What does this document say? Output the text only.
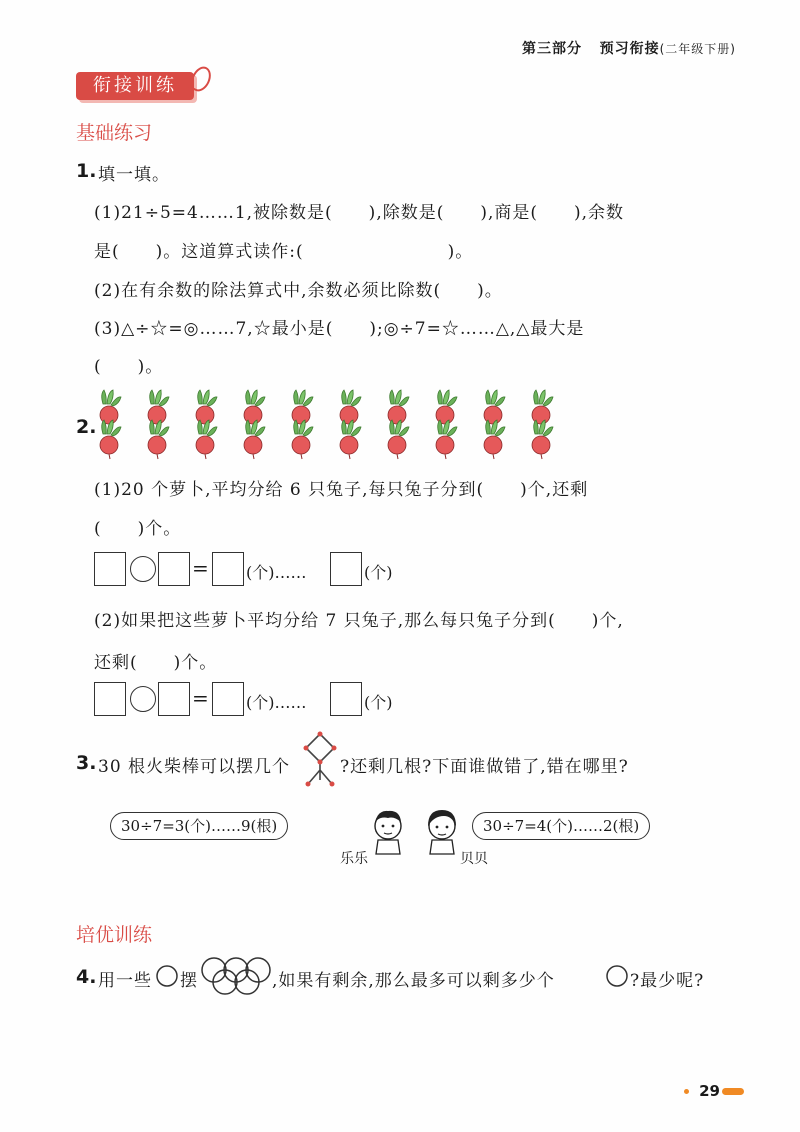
第三部分 预习衔接(二年级下册)
衔接训练
基础练习
1. 填一填。
(1)21÷5=4……1,被除数是(　　),除数是(　　),商是(　　),余数
是(　　)。这道算式读作:(　　　　　　　　)。
(2)在有余数的除法算式中,余数必须比除数(　　)。
(3)△÷☆=◎……7,☆最小是(　　);◎÷7=☆……△,△最大是
(　　)。
2.
(1)20 个萝卜,平均分给 6 只兔子,每只兔子分到(　　)个,还剩
(　　)个。
= (个)……	(个)
(2)如果把这些萝卜平均分给 7 只兔子,那么每只兔子分到(　　)个,
还剩(　　)个。
= (个)……	(个)
3. 30 根火柴棒可以摆几个	?还剩几根?下面谁做错了,错在哪里?
30÷7=3(个)……9(根)
乐乐
30÷7=4(个)……2(根)
贝贝
培优训练
4. 用一些 摆	,如果有剩余,那么最多可以剩多少个	?最少呢?
29
